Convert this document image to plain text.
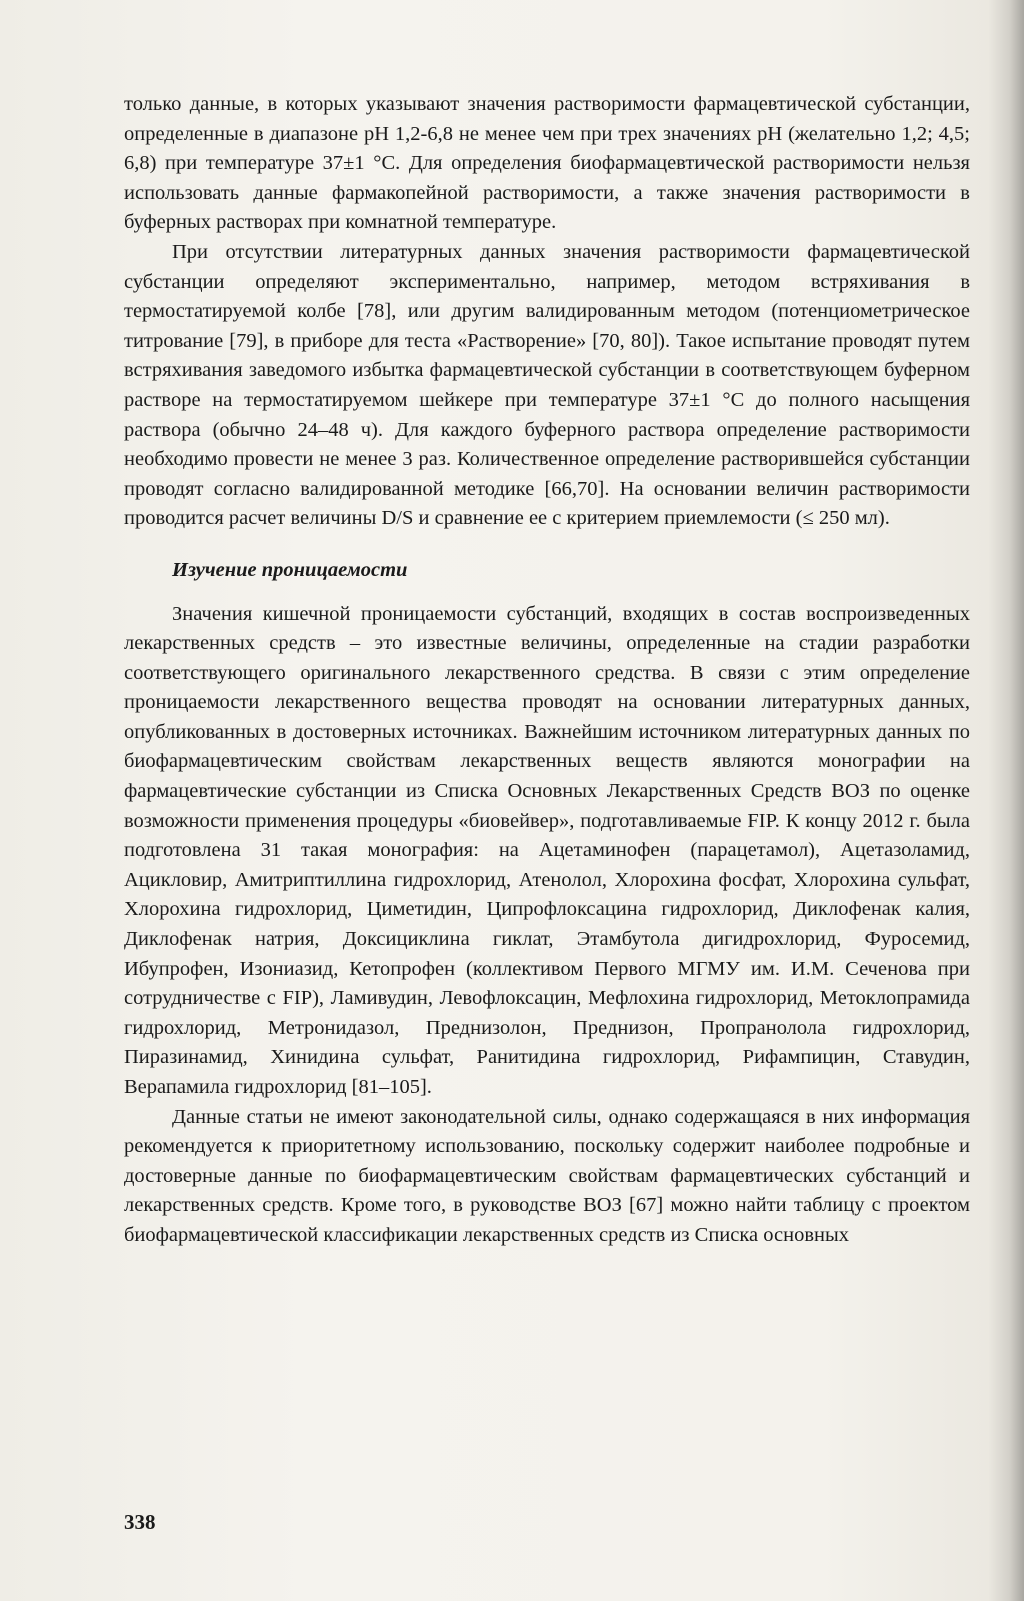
только данные, в которых указывают значения растворимости фармацевтической субстанции, определенные в диапазоне pH 1,2-6,8 не менее чем при трех значениях pH (желательно 1,2; 4,5; 6,8) при температуре 37±1 °C. Для определения биофармацевтической растворимости нельзя использовать данные фармакопейной растворимости, а также значения растворимости в буферных растворах при комнатной температуре.

При отсутствии литературных данных значения растворимости фармацевтической субстанции определяют экспериментально, например, методом встряхивания в термостатируемой колбе [78], или другим валидированным методом (потенциометрическое титрование [79], в приборе для теста «Растворение» [70, 80]). Такое испытание проводят путем встряхивания заведомого избытка фармацевтической субстанции в соответствующем буферном растворе на термостатируемом шейкере при температуре 37±1 °C до полного насыщения раствора (обычно 24–48 ч). Для каждого буферного раствора определение растворимости необходимо провести не менее 3 раз. Количественное определение растворившейся субстанции проводят согласно валидированной методике [66,70]. На основании величин растворимости проводится расчет величины D/S и сравнение ее с критерием приемлемости (≤ 250 мл).

Изучение проницаемости

Значения кишечной проницаемости субстанций, входящих в состав воспроизведенных лекарственных средств – это известные величины, определенные на стадии разработки соответствующего оригинального лекарственного средства. В связи с этим определение проницаемости лекарственного вещества проводят на основании литературных данных, опубликованных в достоверных источниках. Важнейшим источником литературных данных по биофармацевтическим свойствам лекарственных веществ являются монографии на фармацевтические субстанции из Списка Основных Лекарственных Средств ВОЗ по оценке возможности применения процедуры «биовейвер», подготавливаемые FIP. К концу 2012 г. была подготовлена 31 такая монография: на Ацетаминофен (парацетамол), Ацетазоламид, Ацикловир, Амитриптиллина гидрохлорид, Атенолол, Хлорохина фосфат, Хлорохина сульфат, Хлорохина гидрохлорид, Циметидин, Ципрофлоксацина гидрохлорид, Диклофенак калия, Диклофенак натрия, Доксициклина гиклат, Этамбутола дигидрохлорид, Фуросемид, Ибупрофен, Изониазид, Кетопрофен (коллективом Первого МГМУ им. И.М. Сеченова при сотрудничестве с FIP), Ламивудин, Левофлоксацин, Мефлохина гидрохлорид, Метоклопрамида гидрохлорид, Метронидазол, Преднизолон, Преднизон, Пропранолола гидрохлорид, Пиразинамид, Хинидина сульфат, Ранитидина гидрохлорид, Рифампицин, Ставудин, Верапамила гидрохлорид [81–105].

Данные статьи не имеют законодательной силы, однако содержащаяся в них информация рекомендуется к приоритетному использованию, поскольку содержит наиболее подробные и достоверные данные по биофармацевтическим свойствам фармацевтических субстанций и лекарственных средств. Кроме того, в руководстве ВОЗ [67] можно найти таблицу с проектом биофармацевтической классификации лекарственных средств из Списка основных

338
